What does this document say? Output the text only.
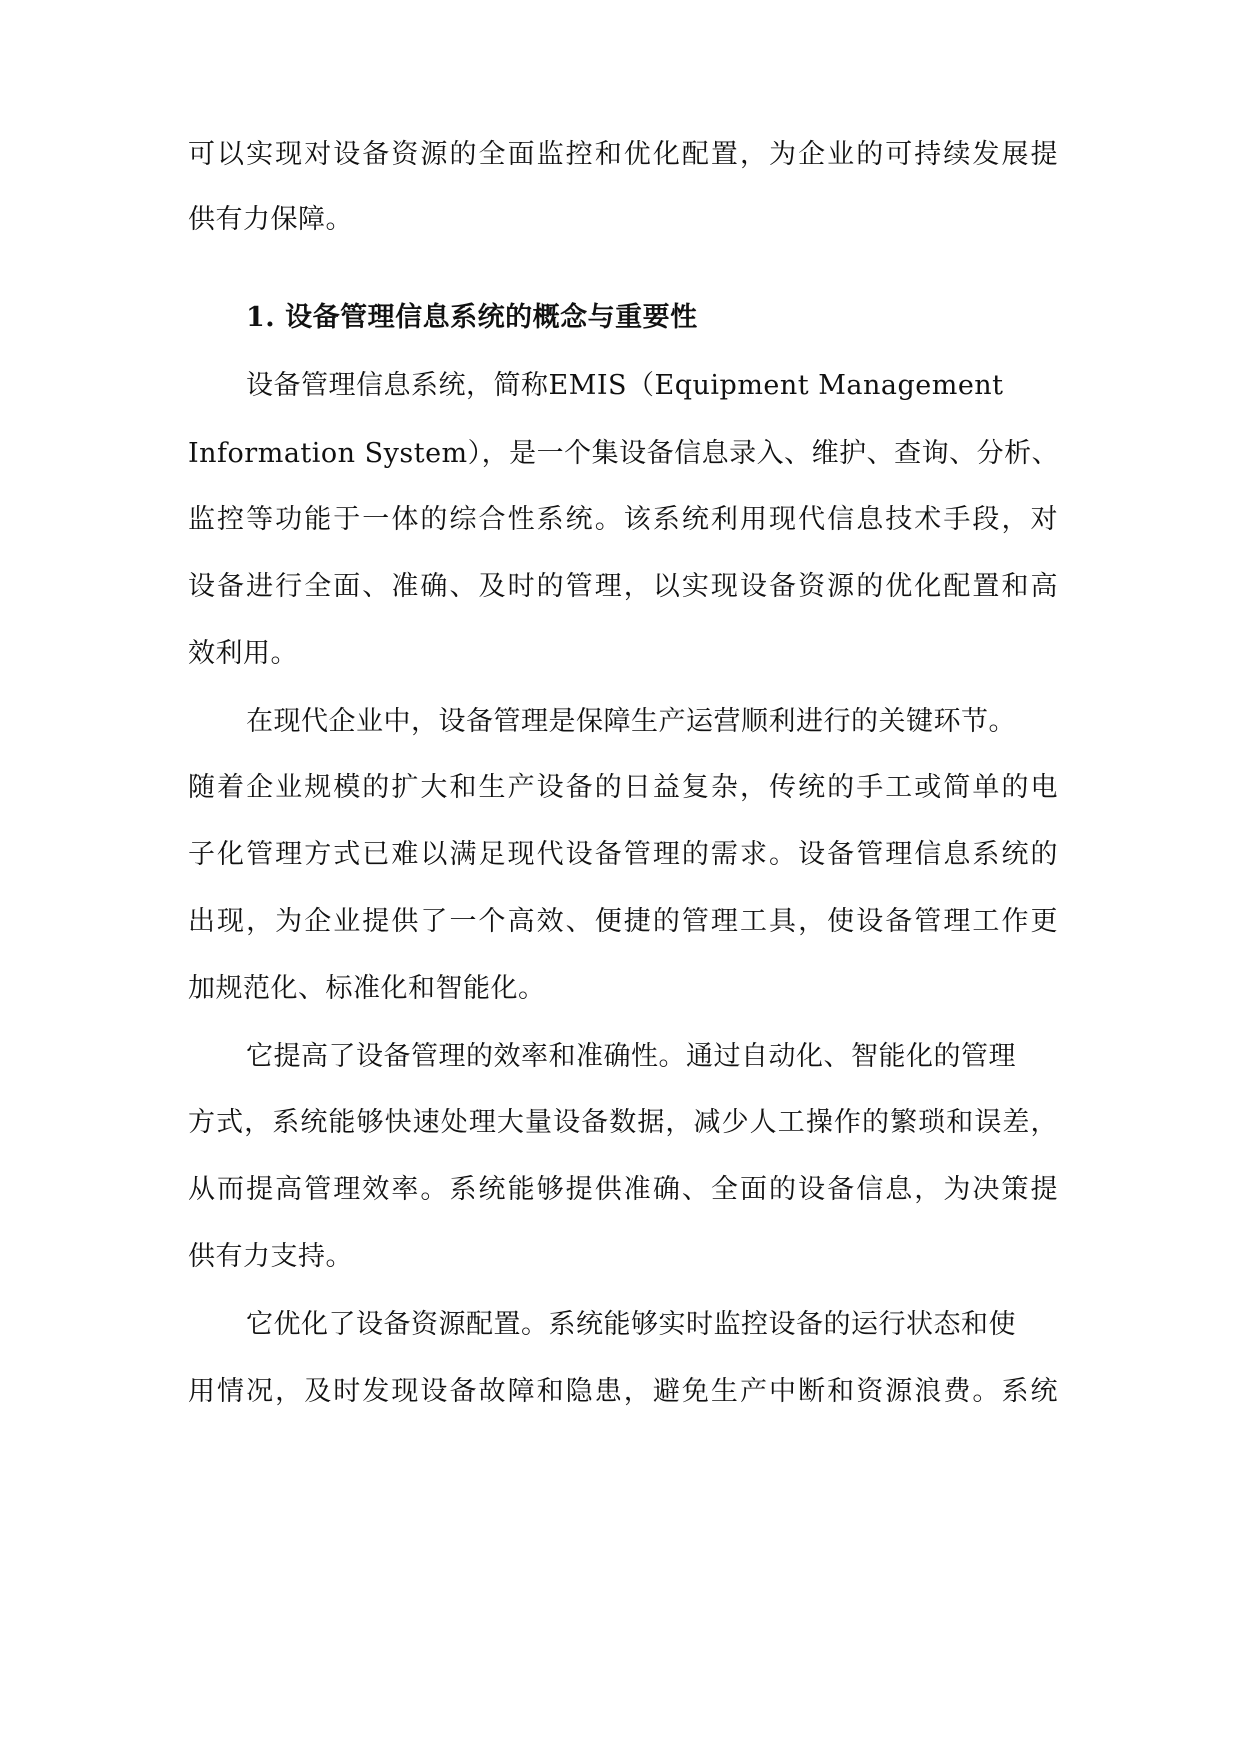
可以实现对设备资源的全面监控和优化配置，为企业的可持续发展提
供有力保障。
1. 设备管理信息系统的概念与重要性
设备管理信息系统，简称EMIS（Equipment Management
Information System），是一个集设备信息录入、维护、查询、分析、
监控等功能于一体的综合性系统。该系统利用现代信息技术手段，对
设备进行全面、准确、及时的管理，以实现设备资源的优化配置和高
效利用。
在现代企业中，设备管理是保障生产运营顺利进行的关键环节。
随着企业规模的扩大和生产设备的日益复杂，传统的手工或简单的电
子化管理方式已难以满足现代设备管理的需求。设备管理信息系统的
出现，为企业提供了一个高效、便捷的管理工具，使设备管理工作更
加规范化、标准化和智能化。
它提高了设备管理的效率和准确性。通过自动化、智能化的管理
方式，系统能够快速处理大量设备数据，减少人工操作的繁琐和误差，
从而提高管理效率。系统能够提供准确、全面的设备信息，为决策提
供有力支持。
它优化了设备资源配置。系统能够实时监控设备的运行状态和使
用情况，及时发现设备故障和隐患，避免生产中断和资源浪费。系统
